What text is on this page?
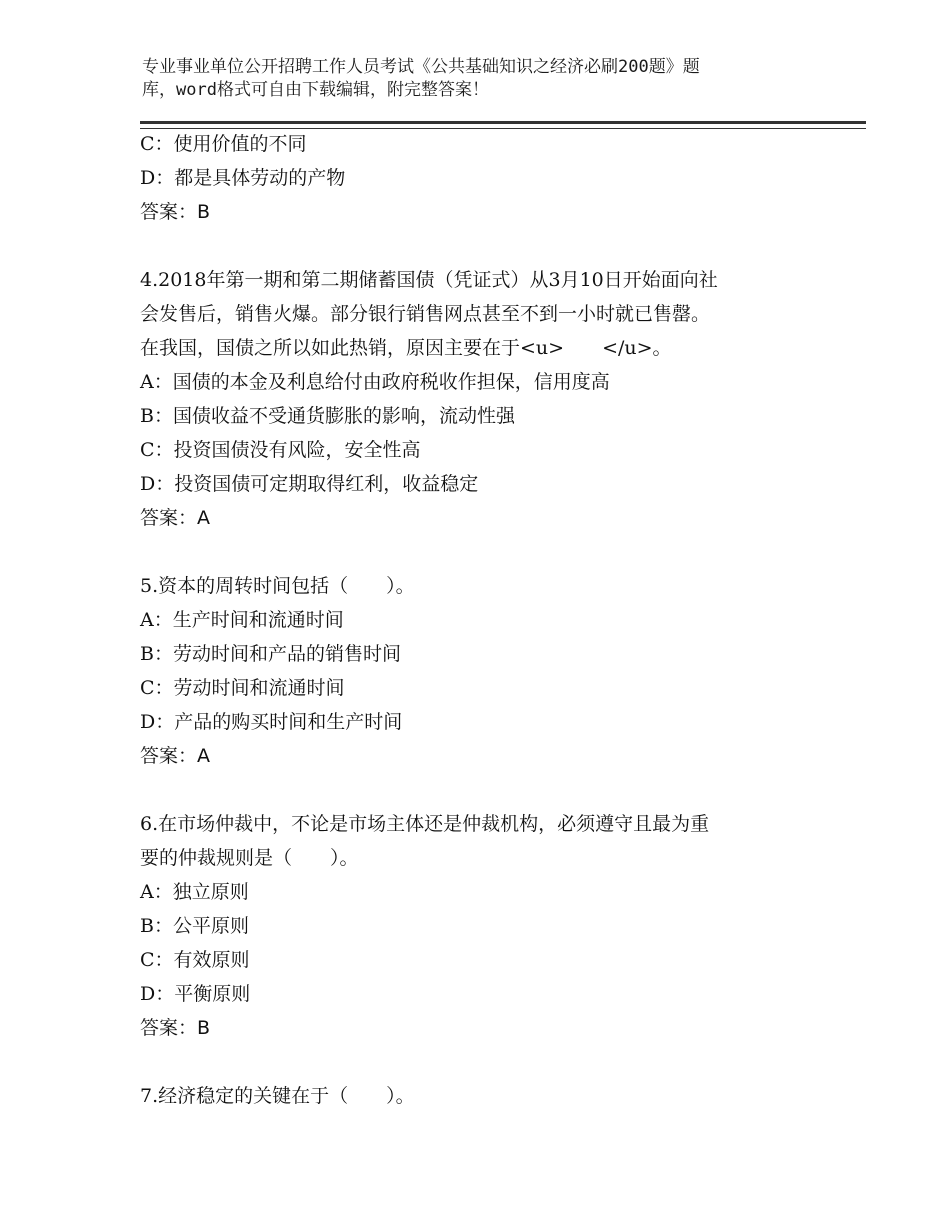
专业事业单位公开招聘工作人员考试《公共基础知识之经济必刷200题》题
库，word格式可自由下载编辑，附完整答案！
C：使用价值的不同
D：都是具体劳动的产物
答案：B
4.2018年第一期和第二期储蓄国债（凭证式）从3月10日开始面向社
会发售后，销售火爆。部分银行销售网点甚至不到一小时就已售罄。
在我国，国债之所以如此热销，原因主要在于<u>　　</u>。
A：国债的本金及利息给付由政府税收作担保，信用度高
B：国债收益不受通货膨胀的影响，流动性强
C：投资国债没有风险，安全性高
D：投资国债可定期取得红利，收益稳定
答案：A
5.资本的周转时间包括（　　）。
A：生产时间和流通时间
B：劳动时间和产品的销售时间
C：劳动时间和流通时间
D：产品的购买时间和生产时间
答案：A
6.在市场仲裁中，不论是市场主体还是仲裁机构，必须遵守且最为重
要的仲裁规则是（　　）。
A：独立原则
B：公平原则
C：有效原则
D：平衡原则
答案：B
7.经济稳定的关键在于（　　）。
